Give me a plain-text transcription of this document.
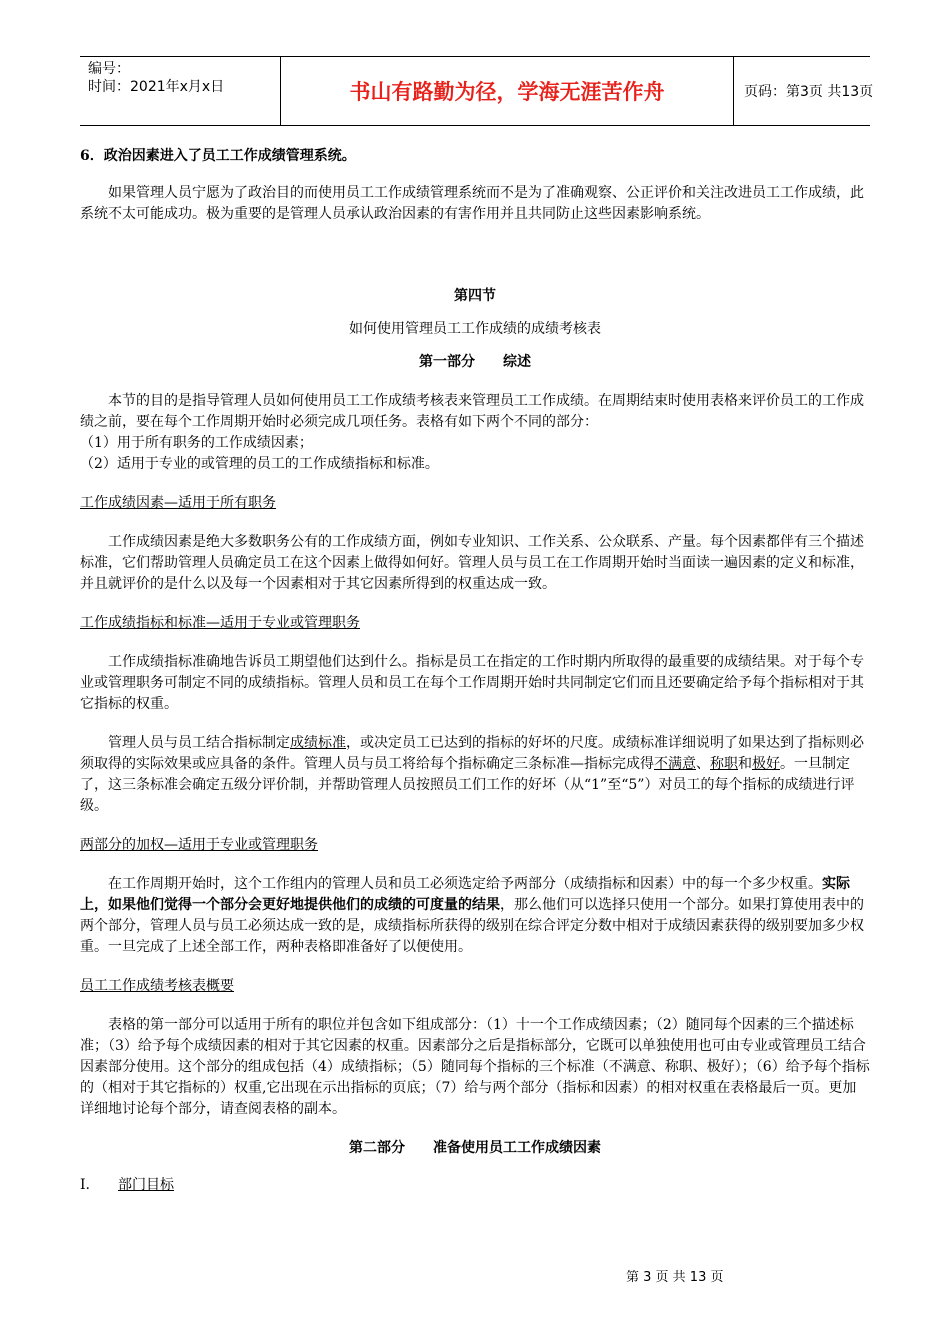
编号：
时间：2021年x月x日	书山有路勤为径，学海无涯苦作舟	页码：第3页 共13页

6．政治因素进入了员工工作成绩管理系统。

如果管理人员宁愿为了政治目的而使用员工工作成绩管理系统而不是为了准确观察、公正评价和关注改进员工工作成绩，此系统不太可能成功。极为重要的是管理人员承认政治因素的有害作用并且共同防止这些因素影响系统。

第四节

如何使用管理员工工作成绩的成绩考核表

第一部分　　综述

本节的目的是指导管理人员如何使用员工工作成绩考核表来管理员工工作成绩。在周期结束时使用表格来评价员工的工作成绩之前，要在每个工作周期开始时必须完成几项任务。表格有如下两个不同的部分：

（1）用于所有职务的工作成绩因素；

（2）适用于专业的或管理的员工的工作成绩指标和标准。

工作成绩因素—适用于所有职务

工作成绩因素是绝大多数职务公有的工作成绩方面，例如专业知识、工作关系、公众联系、产量。每个因素都伴有三个描述标准，它们帮助管理人员确定员工在这个因素上做得如何好。管理人员与员工在工作周期开始时当面读一遍因素的定义和标准，并且就评价的是什么以及每一个因素相对于其它因素所得到的权重达成一致。

工作成绩指标和标准—适用于专业或管理职务

工作成绩指标准确地告诉员工期望他们达到什么。指标是员工在指定的工作时期内所取得的最重要的成绩结果。对于每个专业或管理职务可制定不同的成绩指标。管理人员和员工在每个工作周期开始时共同制定它们而且还要确定给予每个指标相对于其它指标的权重。

管理人员与员工结合指标制定成绩标准，或决定员工已达到的指标的好坏的尺度。成绩标准详细说明了如果达到了指标则必须取得的实际效果或应具备的条件。管理人员与员工将给每个指标确定三条标准—指标完成得不满意、称职和极好。一旦制定了，这三条标准会确定五级分评价制，并帮助管理人员按照员工们工作的好坏（从“1”至“5”）对员工的每个指标的成绩进行评级。

两部分的加权—适用于专业或管理职务

在工作周期开始时，这个工作组内的管理人员和员工必须选定给予两部分（成绩指标和因素）中的每一个多少权重。实际上，如果他们觉得一个部分会更好地提供他们的成绩的可度量的结果，那么他们可以选择只使用一个部分。如果打算使用表中的两个部分，管理人员与员工必须达成一致的是，成绩指标所获得的级别在综合评定分数中相对于成绩因素获得的级别要加多少权重。一旦完成了上述全部工作，两种表格即准备好了以便使用。

员工工作成绩考核表概要

表格的第一部分可以适用于所有的职位并包含如下组成部分：（1）十一个工作成绩因素；（2）随同每个因素的三个描述标准；（3）给予每个成绩因素的相对于其它因素的权重。因素部分之后是指标部分，它既可以单独使用也可由专业或管理员工结合因素部分使用。这个部分的组成包括（4）成绩指标；（5）随同每个指标的三个标准（不满意、称职、极好）；（6）给予每个指标的（相对于其它指标的）权重,它出现在示出指标的页底；（7）给与两个部分（指标和因素）的相对权重在表格最后一页。更加详细地讨论每个部分，请查阅表格的副本。

第二部分　　准备使用员工工作成绩因素

I. 部门目标

第 3 页 共 13 页
